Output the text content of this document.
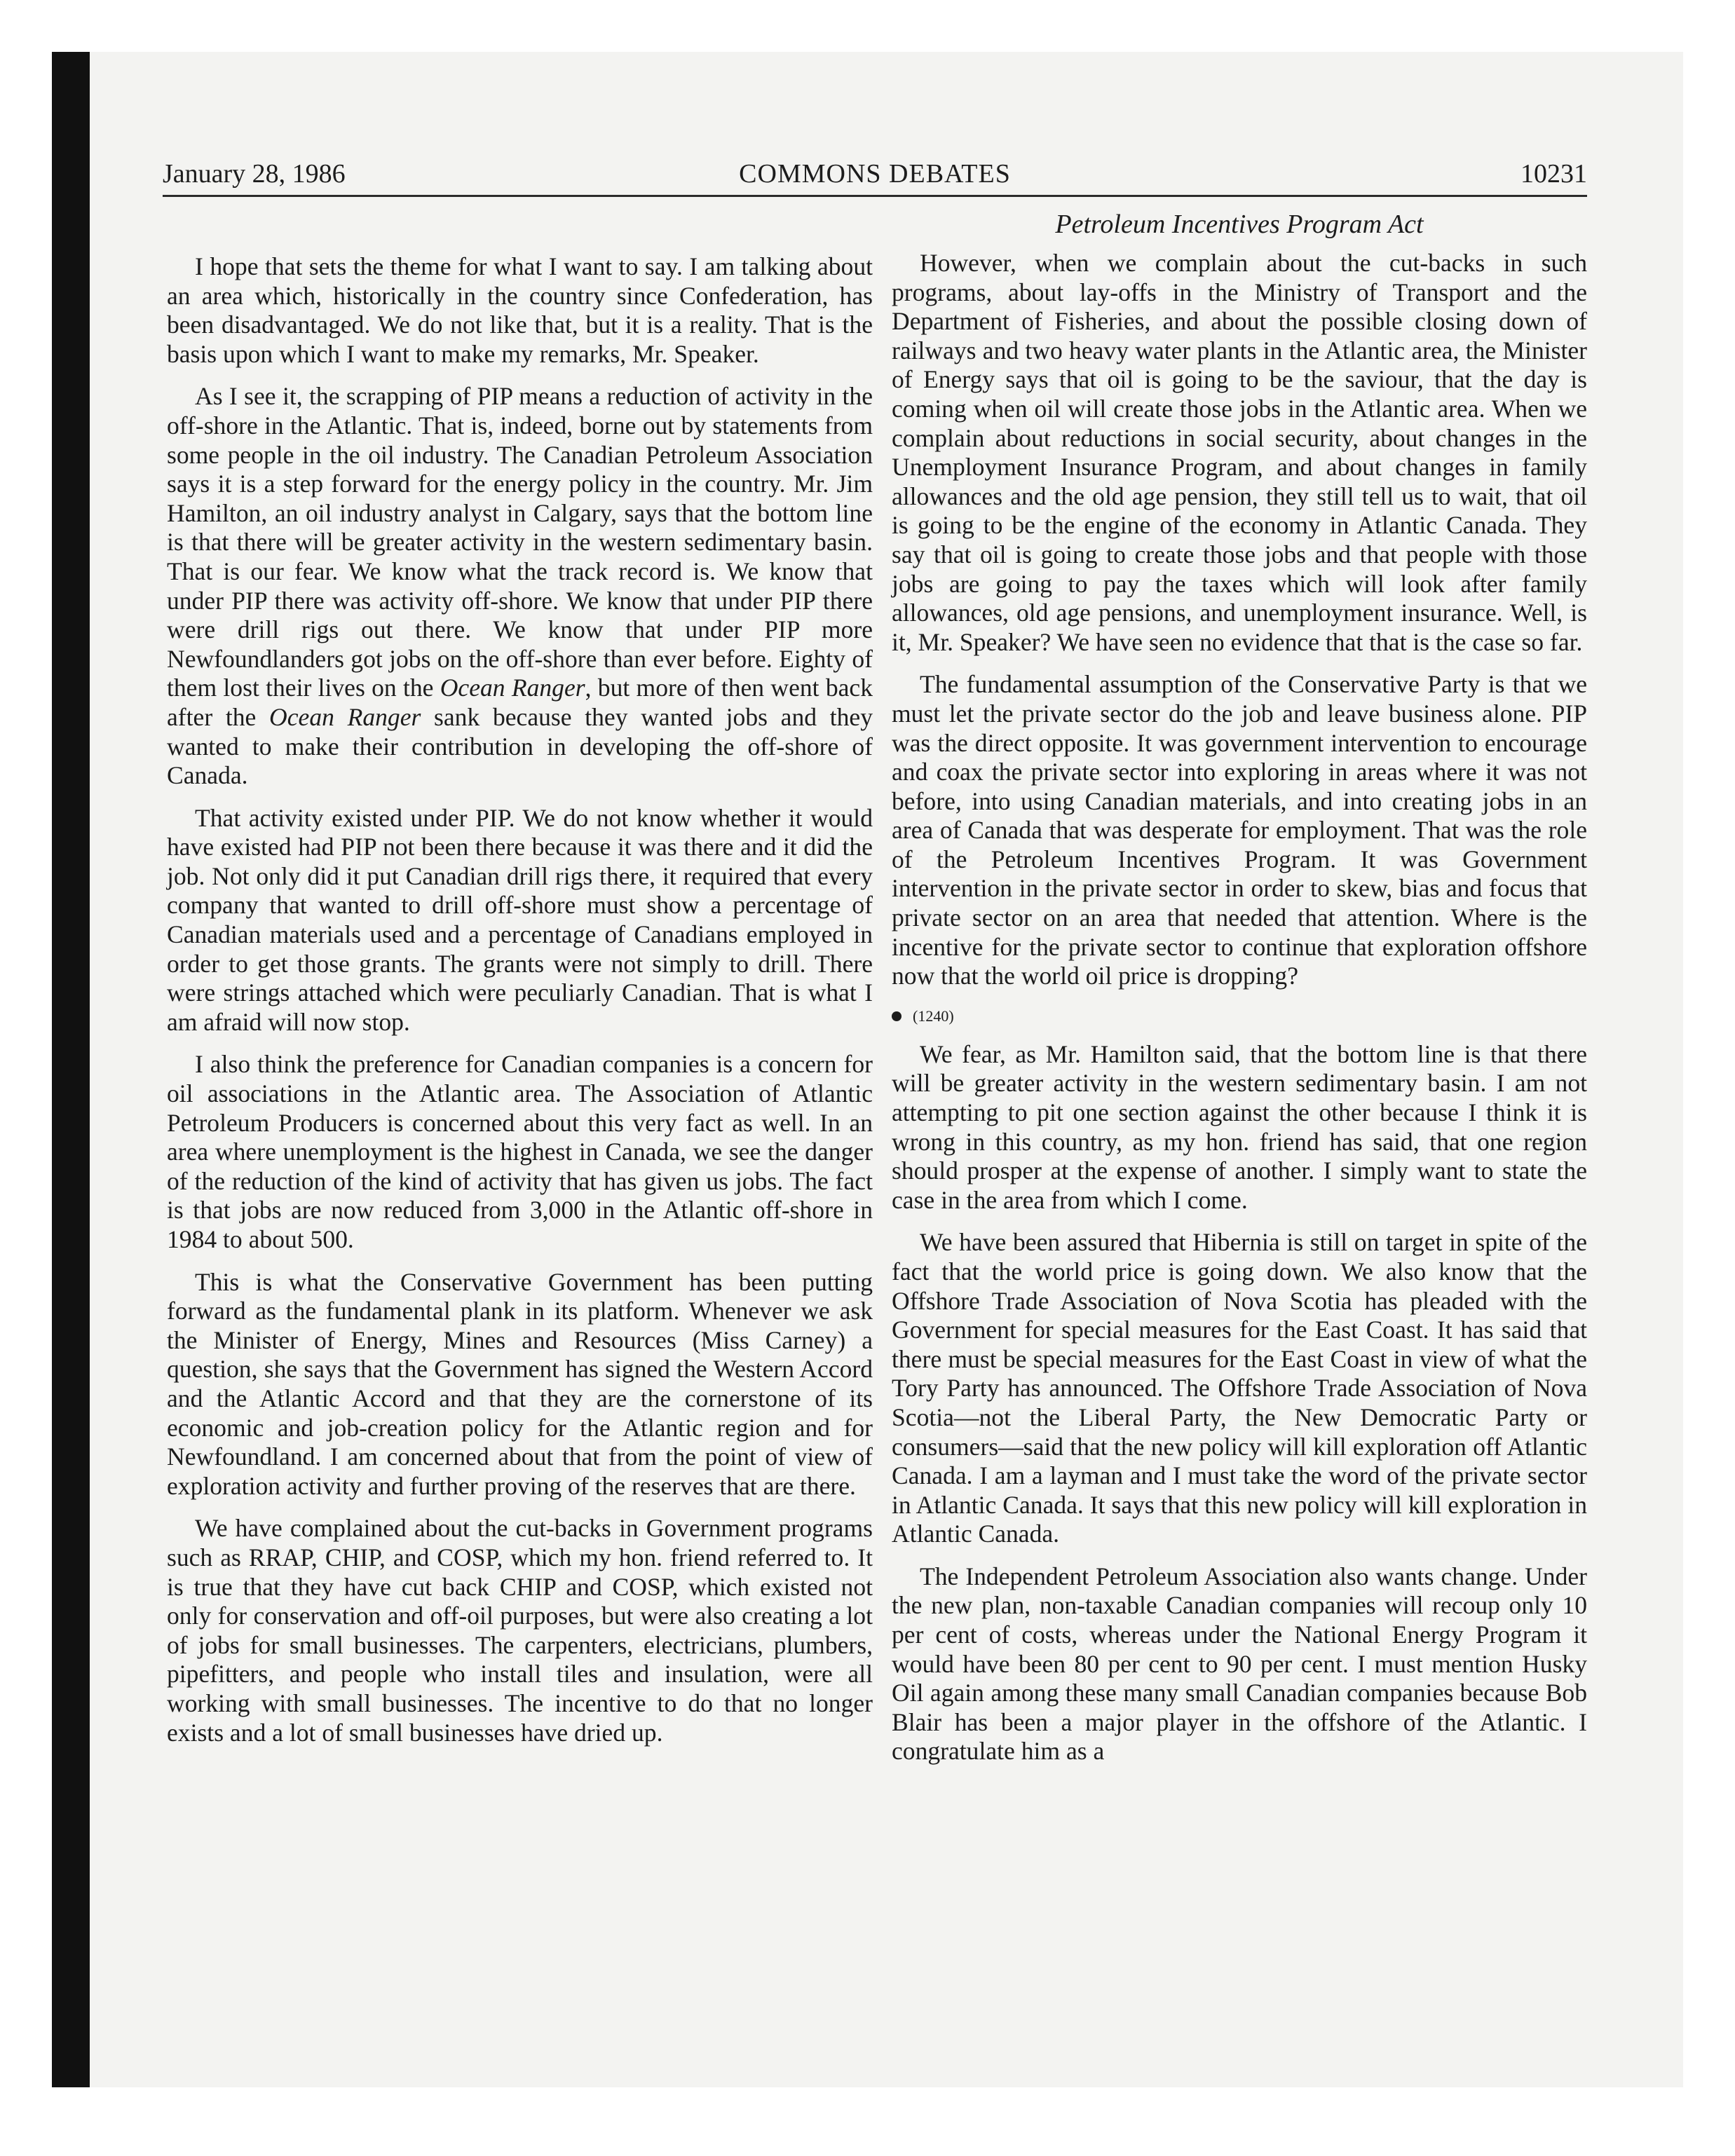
January 28, 1986	COMMONS DEBATES	10231
Petroleum Incentives Program Act

I hope that sets the theme for what I want to say. I am talking about an area which, historically in the country since Confederation, has been disadvantaged. We do not like that, but it is a reality. That is the basis upon which I want to make my remarks, Mr. Speaker.

As I see it, the scrapping of PIP means a reduction of activity in the off-shore in the Atlantic. That is, indeed, borne out by statements from some people in the oil industry. The Canadian Petroleum Association says it is a step forward for the energy policy in the country. Mr. Jim Hamilton, an oil industry analyst in Calgary, says that the bottom line is that there will be greater activity in the western sedimentary basin. That is our fear. We know what the track record is. We know that under PIP there was activity off-shore. We know that under PIP there were drill rigs out there. We know that under PIP more Newfoundlanders got jobs on the off-shore than ever before. Eighty of them lost their lives on the Ocean Ranger, but more of then went back after the Ocean Ranger sank because they wanted jobs and they wanted to make their contribution in developing the off-shore of Canada.

That activity existed under PIP. We do not know whether it would have existed had PIP not been there because it was there and it did the job. Not only did it put Canadian drill rigs there, it required that every company that wanted to drill off-shore must show a percentage of Canadian materials used and a percentage of Canadians employed in order to get those grants. The grants were not simply to drill. There were strings attached which were peculiarly Canadian. That is what I am afraid will now stop.

I also think the preference for Canadian companies is a concern for oil associations in the Atlantic area. The Association of Atlantic Petroleum Producers is concerned about this very fact as well. In an area where unemployment is the highest in Canada, we see the danger of the reduction of the kind of activity that has given us jobs. The fact is that jobs are now reduced from 3,000 in the Atlantic off-shore in 1984 to about 500.

This is what the Conservative Government has been putting forward as the fundamental plank in its platform. Whenever we ask the Minister of Energy, Mines and Resources (Miss Carney) a question, she says that the Government has signed the Western Accord and the Atlantic Accord and that they are the cornerstone of its economic and job-creation policy for the Atlantic region and for Newfoundland. I am concerned about that from the point of view of exploration activity and further proving of the reserves that are there.

We have complained about the cut-backs in Government programs such as RRAP, CHIP, and COSP, which my hon. friend referred to. It is true that they have cut back CHIP and COSP, which existed not only for conservation and off-oil purposes, but were also creating a lot of jobs for small businesses. The carpenters, electricians, plumbers, pipefitters, and people who install tiles and insulation, were all working with small businesses. The incentive to do that no longer exists and a lot of small businesses have dried up.

However, when we complain about the cut-backs in such programs, about lay-offs in the Ministry of Transport and the Department of Fisheries, and about the possible closing down of railways and two heavy water plants in the Atlantic area, the Minister of Energy says that oil is going to be the saviour, that the day is coming when oil will create those jobs in the Atlantic area. When we complain about reductions in social security, about changes in the Unemployment Insurance Program, and about changes in family allowances and the old age pension, they still tell us to wait, that oil is going to be the engine of the economy in Atlantic Canada. They say that oil is going to create those jobs and that people with those jobs are going to pay the taxes which will look after family allowances, old age pensions, and unemployment insurance. Well, is it, Mr. Speaker? We have seen no evidence that that is the case so far.

The fundamental assumption of the Conservative Party is that we must let the private sector do the job and leave business alone. PIP was the direct opposite. It was government intervention to encourage and coax the private sector into exploring in areas where it was not before, into using Canadian materials, and into creating jobs in an area of Canada that was desperate for employment. That was the role of the Petroleum Incentives Program. It was Government intervention in the private sector in order to skew, bias and focus that private sector on an area that needed that attention. Where is the incentive for the private sector to continue that exploration offshore now that the world oil price is dropping?

(1240)

We fear, as Mr. Hamilton said, that the bottom line is that there will be greater activity in the western sedimentary basin. I am not attempting to pit one section against the other because I think it is wrong in this country, as my hon. friend has said, that one region should prosper at the expense of another. I simply want to state the case in the area from which I come.

We have been assured that Hibernia is still on target in spite of the fact that the world price is going down. We also know that the Offshore Trade Association of Nova Scotia has pleaded with the Government for special measures for the East Coast. It has said that there must be special measures for the East Coast in view of what the Tory Party has announced. The Offshore Trade Association of Nova Scotia—not the Liberal Party, the New Democratic Party or consumers—said that the new policy will kill exploration off Atlantic Canada. I am a layman and I must take the word of the private sector in Atlantic Canada. It says that this new policy will kill exploration in Atlantic Canada.

The Independent Petroleum Association also wants change. Under the new plan, non-taxable Canadian companies will recoup only 10 per cent of costs, whereas under the National Energy Program it would have been 80 per cent to 90 per cent. I must mention Husky Oil again among these many small Canadian companies because Bob Blair has been a major player in the offshore of the Atlantic. I congratulate him as a
